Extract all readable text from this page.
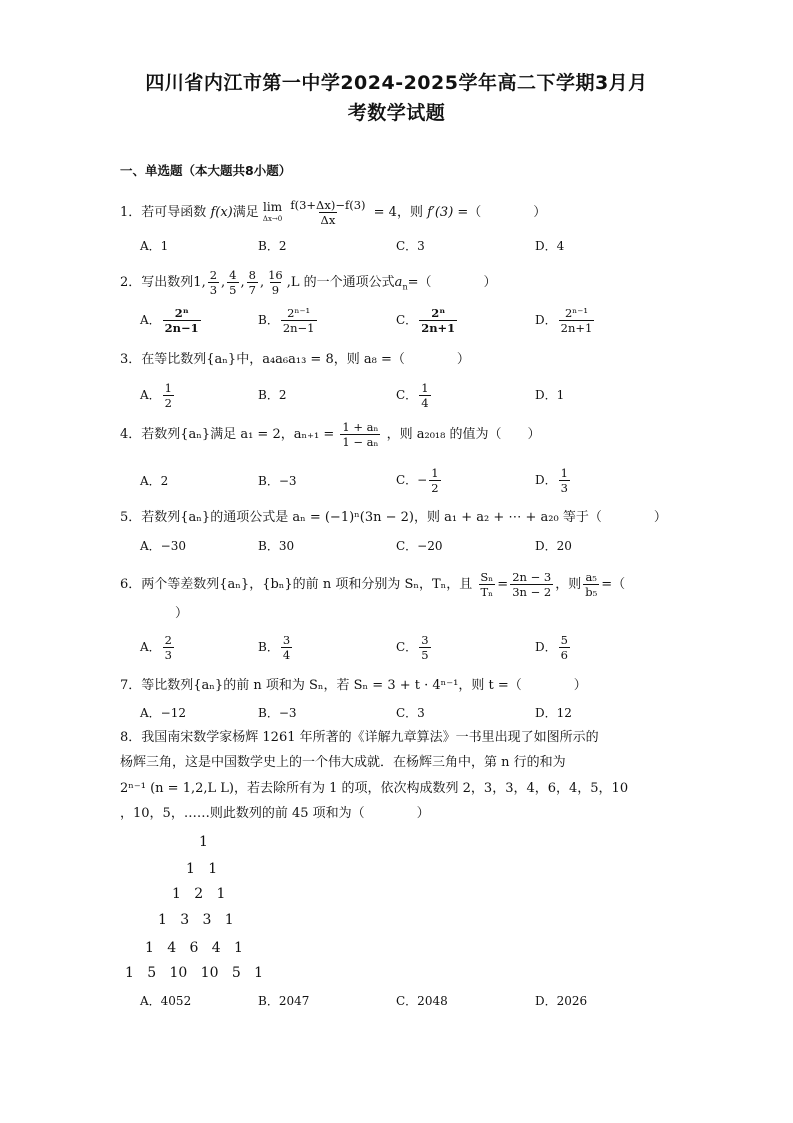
四川省内江市第一中学2024-2025学年高二下学期3月月
考数学试题
一、单选题（本大题共8小题）
1．若可导函数 f(x)满足 lim
Δx→0
$\frac{f(3+\Delta x)-f(3)}{\Delta x} = 4$，则 f′(3) =（　　　　）
A．1	B．2	C．3	D．4
2．写出数列1, $\frac{2}{3}$ , $\frac{4}{5}$ , $\frac{8}{7}$ , $\frac{16}{9} ,L$ 的一个通项公式$a_n=$（　　　　）
A． $\frac{\text{2ⁿ}}{2n-1}$	B． $\frac{\text{2ⁿ⁻¹}}{2n-1}$	C． $\frac{\text{2ⁿ}}{2n+1}$	D． $\frac{\text{2ⁿ⁻¹}}{2n+1}$
3．在等比数列{aₙ}中，a₄a₆a₁₃ = 8，则 a₈ =（　　　　）
A． $\frac{1}{2}$	B．2	C． $\frac{1}{4}$	D．1
4．若数列{aₙ}满足 a₁ = 2，$a_{n+1} = \frac{\text{1 + aₙ}}{\text{1 − aₙ}}$ ，则 a₂₀₁₈ 的值为（　　）
A．2	B．−3	C．− $\frac{1}{2}$	D． $\frac{1}{3}$
5．若数列{aₙ}的通项公式是 aₙ = (−1)ⁿ(3n − 2)，则 a₁ + a₂ + ⋯ + a₂₀ 等于（　　　　）
A．−30	B．30	C．−20	D．20
6．两个等差数列{aₙ}，{bₙ}的前 n 项和分别为 Sₙ，Tₙ，且 $\frac{\text{Sₙ}}{\text{Tₙ}} = \frac{2n - 3}{3n - 2}$ ，则 $\frac{\text{a₅}}{\text{b₅}}$ =（
）
A． $\frac{2}{3}$	B． $\frac{3}{4}$	C． $\frac{3}{5}$	D． $\frac{5}{6}$
7．等比数列{aₙ}的前 n 项和为 Sₙ，若 Sₙ = 3 + t · 4ⁿ⁻¹，则 t =（　　　　）
A．−12	B．−3	C．3	D．12
8．我国南宋数学家杨辉 1261 年所著的《详解九章算法》一书里出现了如图所示的
杨辉三角，这是中国数学史上的一个伟大成就．在杨辉三角中，第 n 行的和为
2ⁿ⁻¹ (n = 1,2,L L)，若去除所有为 1 的项，依次构成数列 2，3，3，4，6，4，5，10
，10，5，……则此数列的前 45 项和为（　　　　）
1
1   1
1   2   1
1   3   3   1
1   4   6   4   1
1   5   10   10   5   1
A．4052	B．2047	C．2048	D．2026
